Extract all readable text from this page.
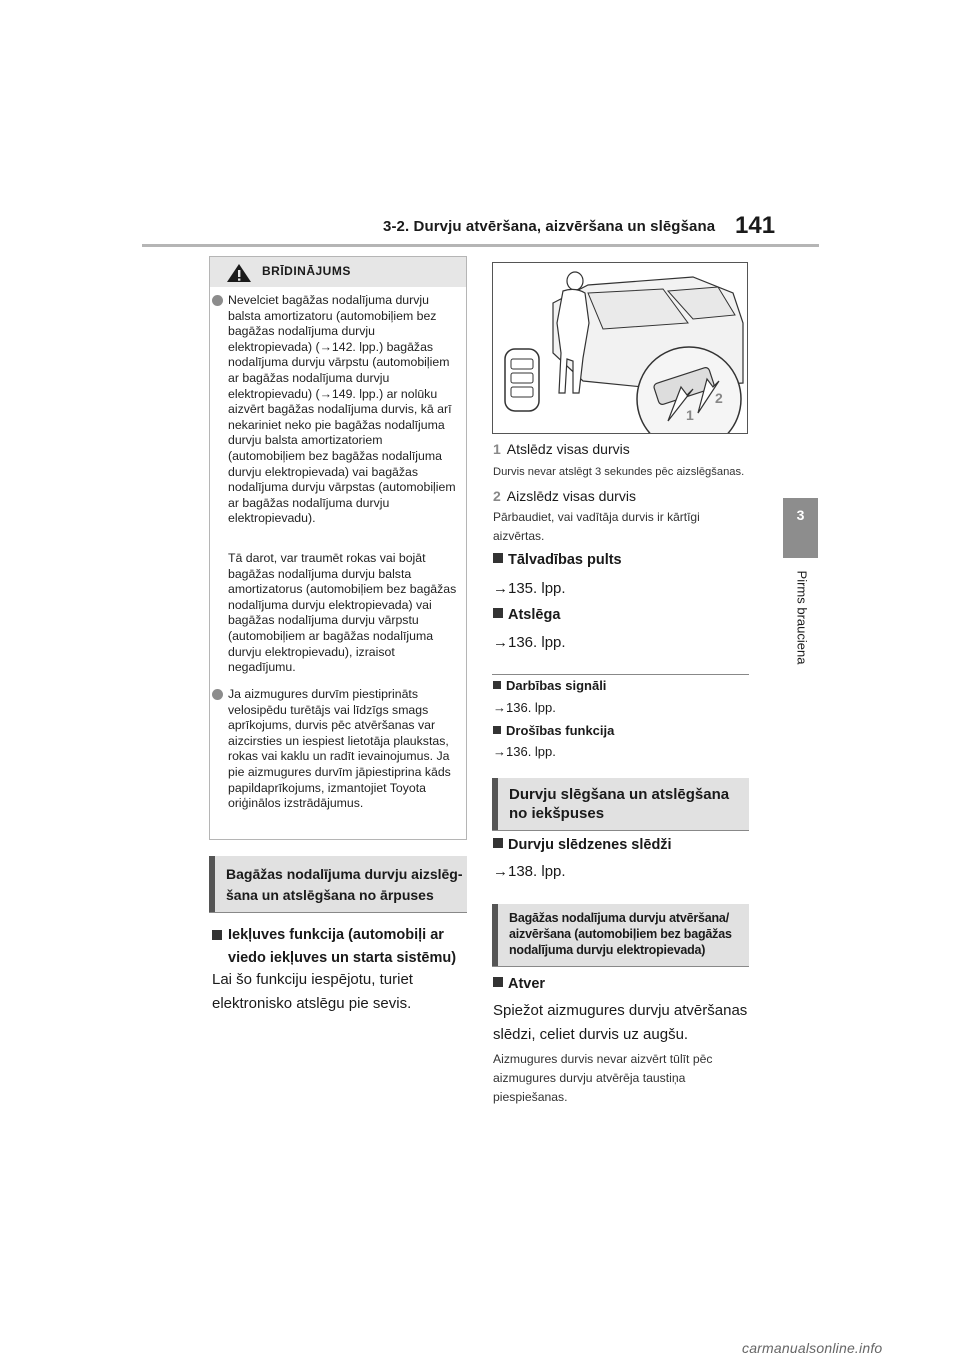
3-2. Durvju atvēršana, aizvēršana un slēgšana 141
3
Pirms brauciena
BRĪDINĀJUMS
Nevelciet bagāžas nodalījuma durvju balsta amortizatoru (automobiļiem bez bagāžas nodalījuma durvju elektropievada) (→142. lpp.) bagāžas nodalījuma durvju vārpstu (automobiļiem ar bagāžas nodalījuma durvju elektropievadu) (→149. lpp.) ar nolūku aizvērt bagāžas nodalījuma durvis, kā arī nekariniet neko pie bagāžas nodalījuma durvju balsta amortizatoriem (automobiļiem bez bagāžas nodalījuma durvju elektropievada) vai bagāžas nodalījuma durvju vārpstas (automobiļiem ar bagāžas nodalījuma durvju elektropievadu).
Tā darot, var traumēt rokas vai bojāt bagāžas nodalījuma durvju balsta amortizatorus (automobiļiem bez bagāžas nodalījuma durvju elektropievada) vai bagāžas nodalījuma durvju vārpstu (automobiļiem ar bagāžas nodalījuma durvju elektropievadu), izraisot negadījumu.
Ja aizmugures durvīm piestiprināts velosipēdu turētājs vai līdzīgs smags aprīkojums, durvis pēc atvēršanas var aizcirsties un iespiest lietotāja plaukstas, rokas vai kaklu un radīt ievainojumus. Ja pie aizmugures durvīm jāpiestiprina kāds papildaprīkojums, izmantojiet Toyota oriģinālos izstrādājumus.
Bagāžas nodalījuma durvju aizslēg-šana un atslēgšana no ārpuses
Iekļuves funkcija (automobiļi ar viedo iekļuves un starta sistēmu)
Lai šo funkciju iespējotu, turiet elektronisko atslēgu pie sevis.
1
2
1 Atslēdz visas durvis
Durvis nevar atslēgt 3 sekundes pēc aizslēgšanas.
2 Aizslēdz visas durvis
Pārbaudiet, vai vadītāja durvis ir kārtīgi aizvērtas.
Tālvadības pults
→135. lpp.
Atslēga
→136. lpp.
Darbības signāli
→136. lpp.
Drošības funkcija
→136. lpp.
Durvju slēgšana un atslēgšana no iekšpuses
Durvju slēdzenes slēdži
→138. lpp.
Bagāžas nodalījuma durvju atvēršana/ aizvēršana (automobiļiem bez bagāžas nodalījuma durvju elektropievada)
Atver
Spiežot aizmugures durvju atvēršanas slēdzi, celiet durvis uz augšu.
Aizmugures durvis nevar aizvērt tūlīt pēc aizmugures durvju atvērēja taustiņa piespiešanas.
carmanualsonline.info
